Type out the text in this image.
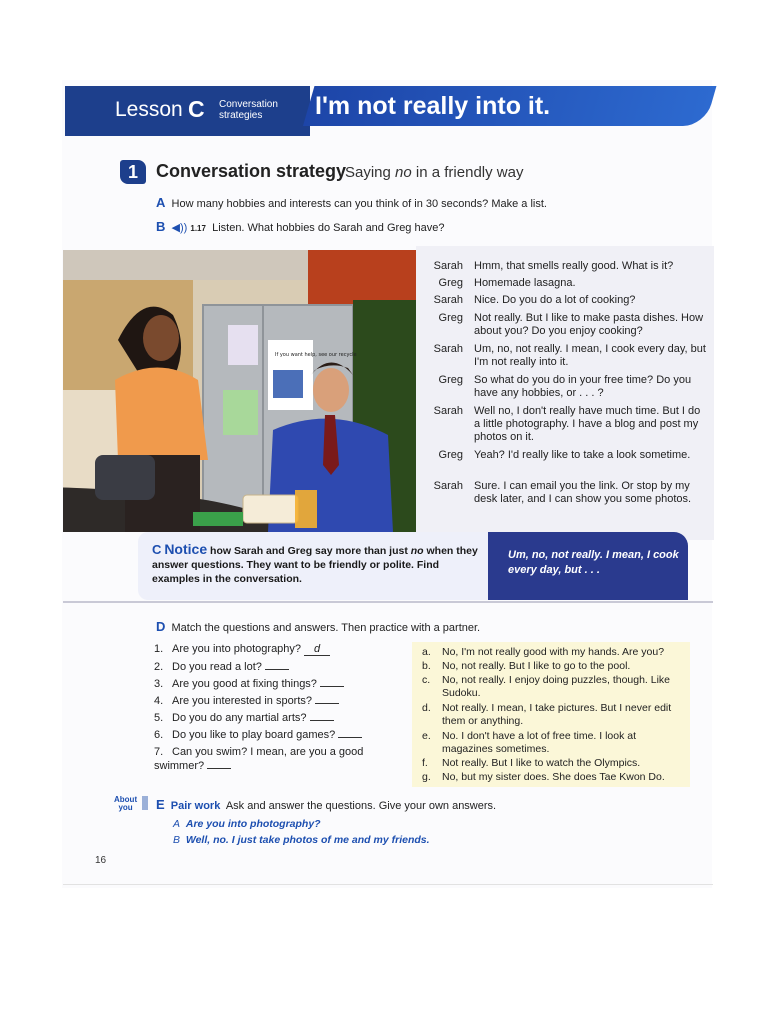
Lesson C Conversation
strategies I'm not really into it.
1	Conversation strategy
Saying no in a friendly way
A How many hobbies and interests can you think of in 30 seconds? Make a list.
B ◀)) 1.17 Listen. What hobbies do Sarah and Greg have?
If you want help, see our recycle
Sarah Hmm, that smells really good. What is it?
Greg Homemade lasagna.
Sarah Nice. Do you do a lot of cooking?
Greg Not really. But I like to make pasta dishes. How about you? Do you enjoy cooking?
Sarah Um, no, not really. I mean, I cook every day, but I'm not really into it.
Greg So what do you do in your free time? Do you have any hobbies, or . . . ?
Sarah Well no, I don't really have much time. But I do a little photography. I have a blog and post my photos on it.
Greg Yeah? I'd really like to take a look sometime.
Sarah Sure. I can email you the link. Or stop by my desk later, and I can show you some photos.
C Notice how Sarah and Greg say more than just no when they answer questions. They want to be friendly or polite. Find examples in the conversation.
Um, no, not really. I mean, I cook every day, but . . .
D Match the questions and answers. Then practice with a partner.
1. Are you into photography? d
2. Do you read a lot?
3. Are you good at fixing things?
4. Are you interested in sports?
5. Do you do any martial arts?
6. Do you like to play board games?
7. Can you swim? I mean, are you a good swimmer?
a.	No, I'm not really good with my hands. Are you?
b.	No, not really. But I like to go to the pool.
c.	No, not really. I enjoy doing puzzles, though. Like Sudoku.
d.	Not really. I mean, I take pictures. But I never edit them or anything.
e.	No. I don't have a lot of free time. I look at magazines sometimes.
f.	Not really. But I like to watch the Olympics.
g.	No, but my sister does. She does Tae Kwon Do.
About
you	E Pair work Ask and answer the questions. Give your own answers.
A Are you into photography?
B Well, no. I just take photos of me and my friends.
16
